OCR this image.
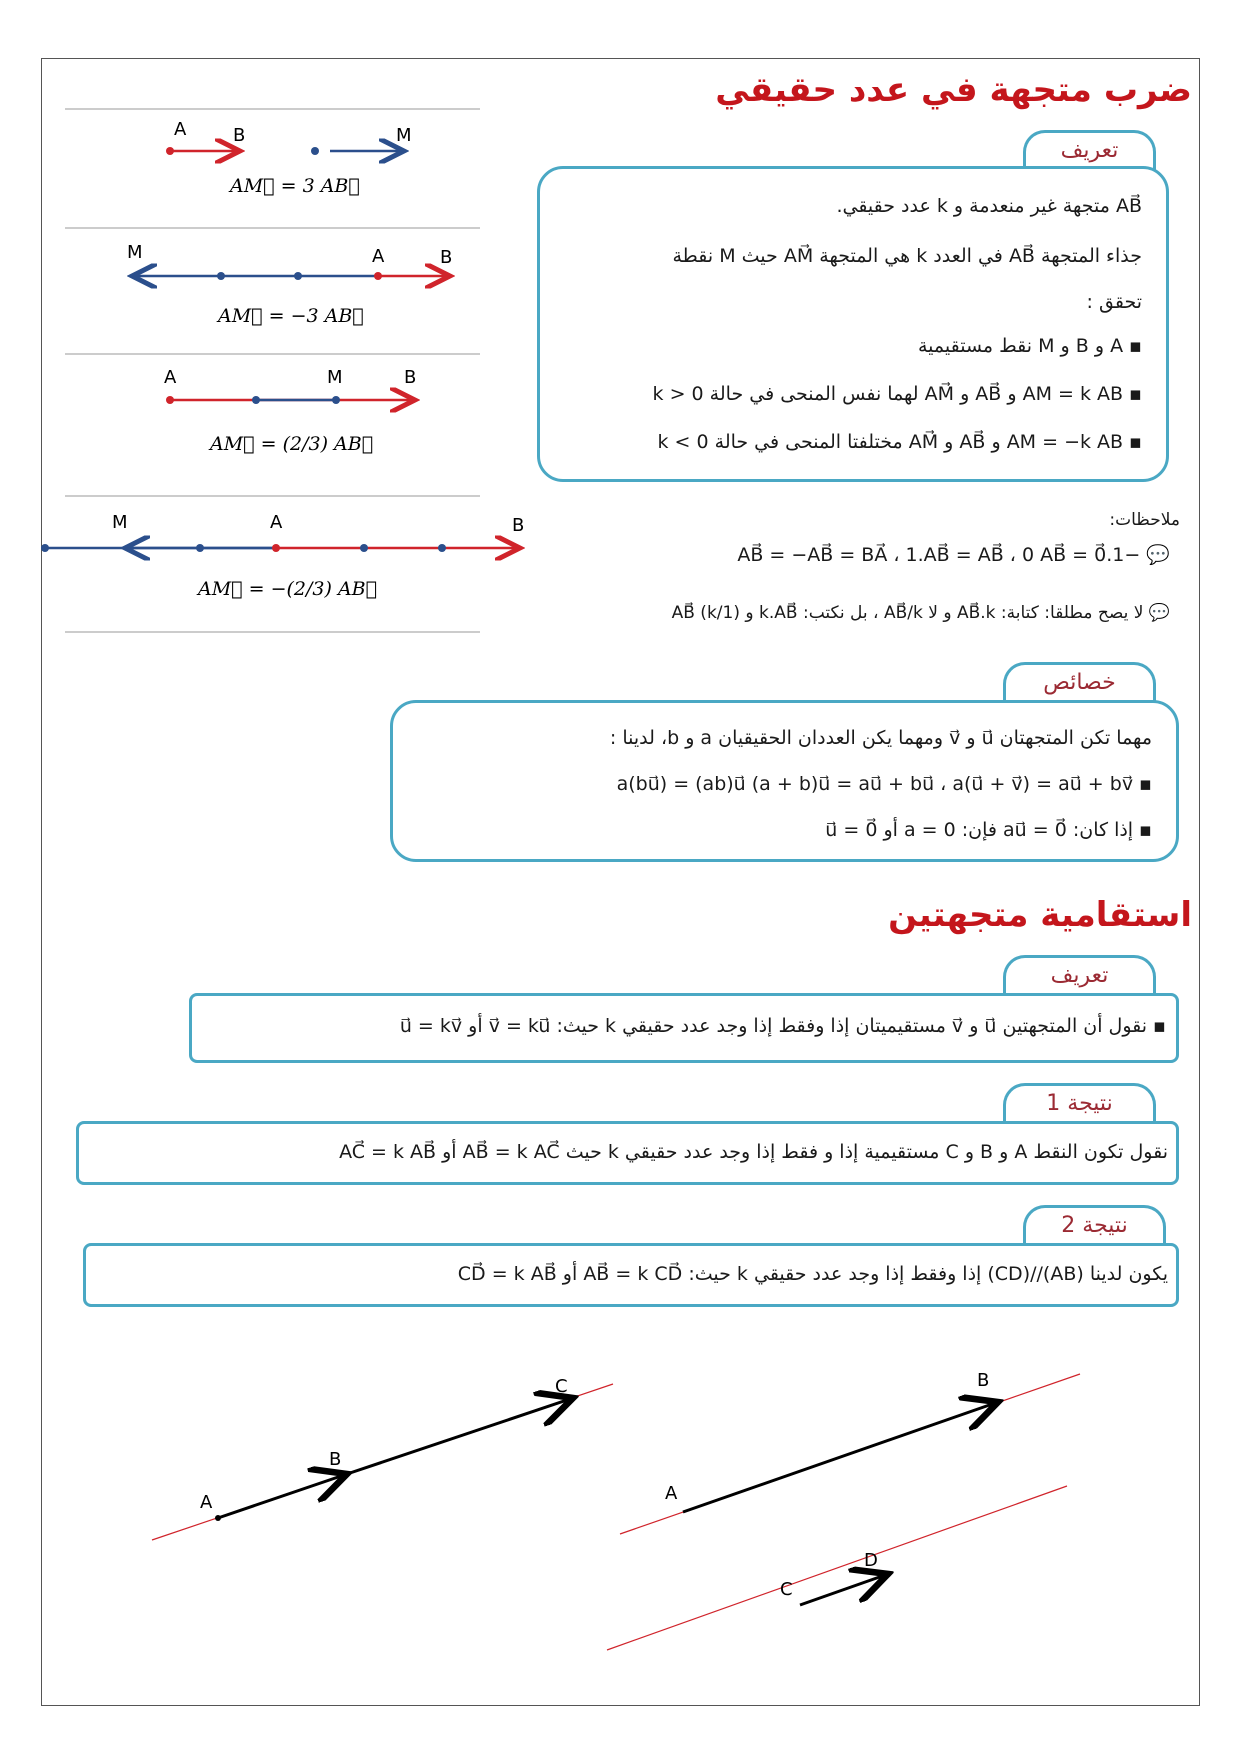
ضرب متجهة في عدد حقيقي
تعريف
AB⃗ متجهة غير منعدمة و k عدد حقيقي.
جذاء المتجهة AB⃗ في العدد k هي المتجهة AM⃗ حيث M نقطة
تحقق :
▪ A و B و M نقط مستقيمية
▪ AM = k AB و AB⃗ و AM⃗ لهما نفس المنحى في حالة k > 0
▪ AM = −k AB و AB⃗ و AM⃗ مختلفتا المنحى في حالة k < 0
ملاحظات:
💬 −1.AB⃗ = −AB⃗ = BA⃗ ، 1.AB⃗ = AB⃗ ، 0 AB⃗ = 0⃗
💬 لا يصح مطلقا: كتابة: AB⃗.k و لا AB⃗/k ، بل نكتب: k.AB⃗ و (1/k) AB⃗
خصائص
مهما تكن المتجهتان u⃗ و v⃗ ومهما يكن العددان الحقيقيان a و b، لدينا :
▪ a(bu⃗) = (ab)u⃗ (a + b)u⃗ = au⃗ + bu⃗ ، a(u⃗ + v⃗) = au⃗ + bv⃗
▪ إذا كان: au⃗ = 0⃗ فإن: a = 0 أو u⃗ = 0⃗
A	B	M
AM⃗ = 3 AB⃗
M	A	B
AM⃗ = −3 AB⃗
A	M	B
AM⃗ = (2/3) AB⃗
M	A	B
AM⃗ = −(2/3) AB⃗
استقامية متجهتين
تعريف
▪ نقول أن المتجهتين u⃗ و v⃗ مستقيميتان إذا وفقط إذا وجد عدد حقيقي k حيث: v⃗ = ku⃗ أو u⃗ = kv⃗
نتيجة 1
نقول تكون النقط A و B و C مستقيمية إذا و فقط إذا وجد عدد حقيقي k حيث AB⃗ = k AC⃗ أو AC⃗ = k AB⃗
نتيجة 2
يكون لدينا (AB)//(CD) إذا وفقط إذا وجد عدد حقيقي k حيث: AB⃗ = k CD⃗ أو CD⃗ = k AB⃗
A
B
C
A
B
C
D
